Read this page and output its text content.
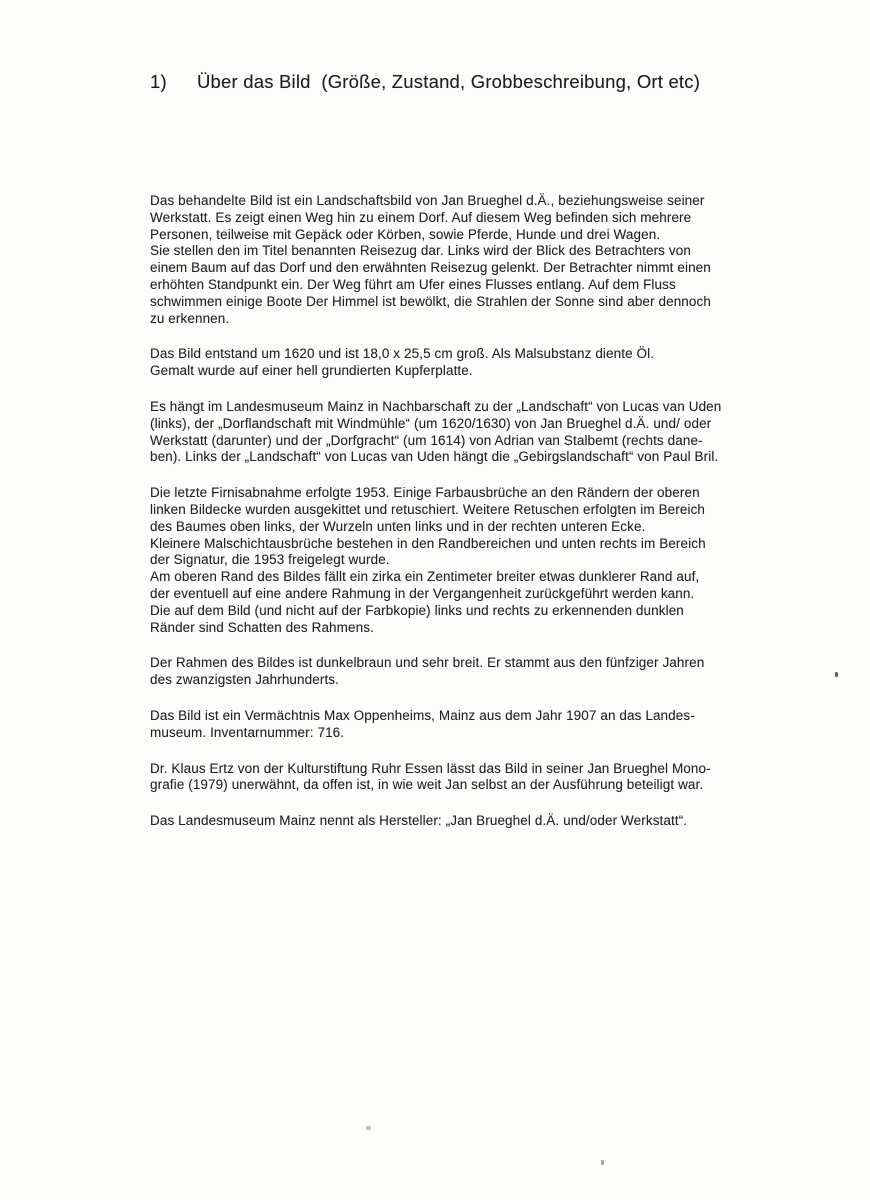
1)	Über das Bild  (Größe, Zustand, Grobbeschreibung, Ort etc)

Das behandelte Bild ist ein Landschaftsbild von Jan Brueghel d.Ä., beziehungsweise seiner
Werkstatt. Es zeigt einen Weg hin zu einem Dorf. Auf diesem Weg befinden sich mehrere
Personen, teilweise mit Gepäck oder Körben, sowie Pferde, Hunde und drei Wagen.
Sie stellen den im Titel benannten Reisezug dar. Links wird der Blick des Betrachters von
einem Baum auf das Dorf und den erwähnten Reisezug gelenkt. Der Betrachter nimmt einen
erhöhten Standpunkt ein. Der Weg führt am Ufer eines Flusses entlang. Auf dem Fluss
schwimmen einige Boote Der Himmel ist bewölkt, die Strahlen der Sonne sind aber dennoch
zu erkennen.

Das Bild entstand um 1620 und ist 18,0 x 25,5 cm groß. Als Malsubstanz diente Öl.
Gemalt wurde auf einer hell grundierten Kupferplatte.

Es hängt im Landesmuseum Mainz in Nachbarschaft zu der „Landschaft“ von Lucas van Uden
(links), der „Dorflandschaft mit Windmühle“ (um 1620/1630) von Jan Brueghel d.Ä. und/ oder
Werkstatt (darunter) und der „Dorfgracht“ (um 1614) von Adrian van Stalbemt (rechts dane-
ben). Links der „Landschaft“ von Lucas van Uden hängt die „Gebirgslandschaft“ von Paul Bril.

Die letzte Firnisabnahme erfolgte 1953. Einige Farbausbrüche an den Rändern der oberen
linken Bildecke wurden ausgekittet und retuschiert. Weitere Retuschen erfolgten im Bereich
des Baumes oben links, der Wurzeln unten links und in der rechten unteren Ecke.
Kleinere Malschichtausbrüche bestehen in den Randbereichen und unten rechts im Bereich
der Signatur, die 1953 freigelegt wurde.
Am oberen Rand des Bildes fällt ein zirka ein Zentimeter breiter etwas dunklerer Rand auf,
der eventuell auf eine andere Rahmung in der Vergangenheit zurückgeführt werden kann.
Die auf dem Bild (und nicht auf der Farbkopie) links und rechts zu erkennenden dunklen
Ränder sind Schatten des Rahmens.

Der Rahmen des Bildes ist dunkelbraun und sehr breit. Er stammt aus den fünfziger Jahren
des zwanzigsten Jahrhunderts.

Das Bild ist ein Vermächtnis Max Oppenheims, Mainz aus dem Jahr 1907 an das Landes-
museum. Inventarnummer: 716.

Dr. Klaus Ertz von der Kulturstiftung Ruhr Essen lässt das Bild in seiner Jan Brueghel Mono-
grafie (1979) unerwähnt, da offen ist, in wie weit Jan selbst an der Ausführung beteiligt war.

Das Landesmuseum Mainz nennt als Hersteller: „Jan Brueghel d.Ä. und/oder Werkstatt“.
